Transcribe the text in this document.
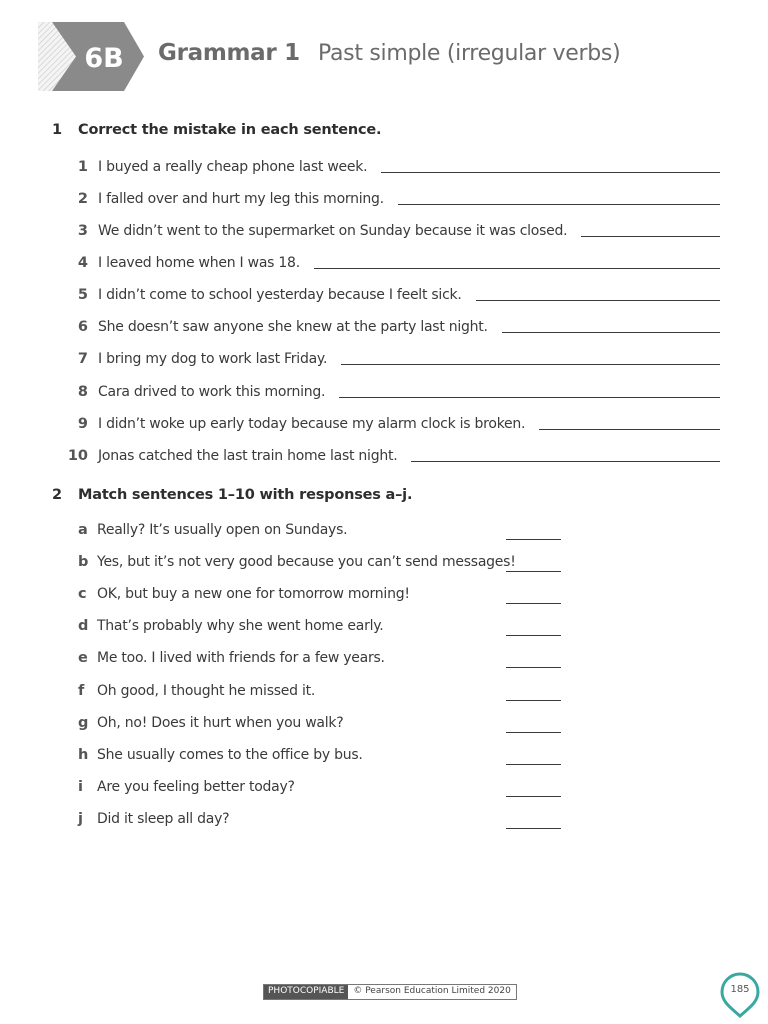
6B Grammar 1 Past simple (irregular verbs)
1 Correct the mistake in each sentence.
1 I buyed a really cheap phone last week.
2 I falled over and hurt my leg this morning.
3 We didn’t went to the supermarket on Sunday because it was closed.
4 I leaved home when I was 18.
5 I didn’t come to school yesterday because I feelt sick.
6 She doesn’t saw anyone she knew at the party last night.
7 I bring my dog to work last Friday.
8 Cara drived to work this morning.
9 I didn’t woke up early today because my alarm clock is broken.
10 Jonas catched the last train home last night.
2 Match sentences 1–10 with responses a–j.
a Really? It’s usually open on Sundays.
b Yes, but it’s not very good because you can’t send messages!
c OK, but buy a new one for tomorrow morning!
d That’s probably why she went home early.
e Me too. I lived with friends for a few years.
f Oh good, I thought he missed it.
g Oh, no! Does it hurt when you walk?
h She usually comes to the office by bus.
i Are you feeling better today?
j Did it sleep all day?
PHOTOCOPIABLE	© Pearson Education Limited 2020	185
